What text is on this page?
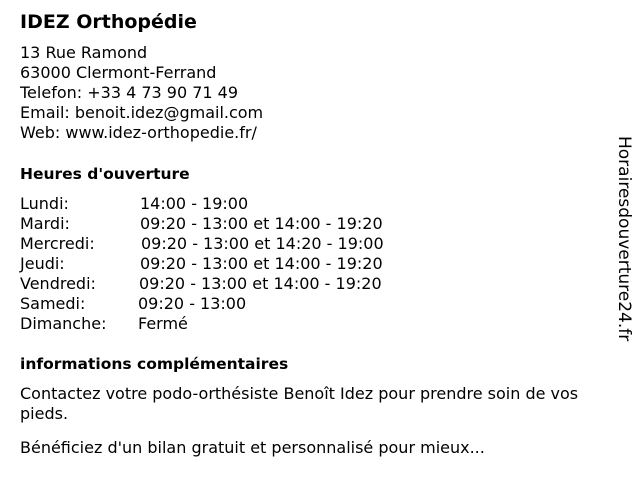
IDEZ Orthopédie
13 Rue Ramond
63000 Clermont-Ferrand
Telefon: +33 4 73 90 71 49
Email: benoit.idez@gmail.com
Web: www.idez-orthopedie.fr/
Heures d'ouverture
Lundi:	14:00 - 19:00
Mardi:	09:20 - 13:00 et 14:00 - 19:20
Mercredi:	09:20 - 13:00 et 14:20 - 19:00
Jeudi:	09:20 - 13:00 et 14:00 - 19:20
Vendredi:	09:20 - 13:00 et 14:00 - 19:20
Samedi:	09:20 - 13:00
Dimanche: Fermé
informations complémentaires
Contactez votre podo-orthésiste Benoît Idez pour prendre soin de vos pieds.
Bénéficiez d'un bilan gratuit et personnalisé pour mieux...
Horairesdouverture24.fr
